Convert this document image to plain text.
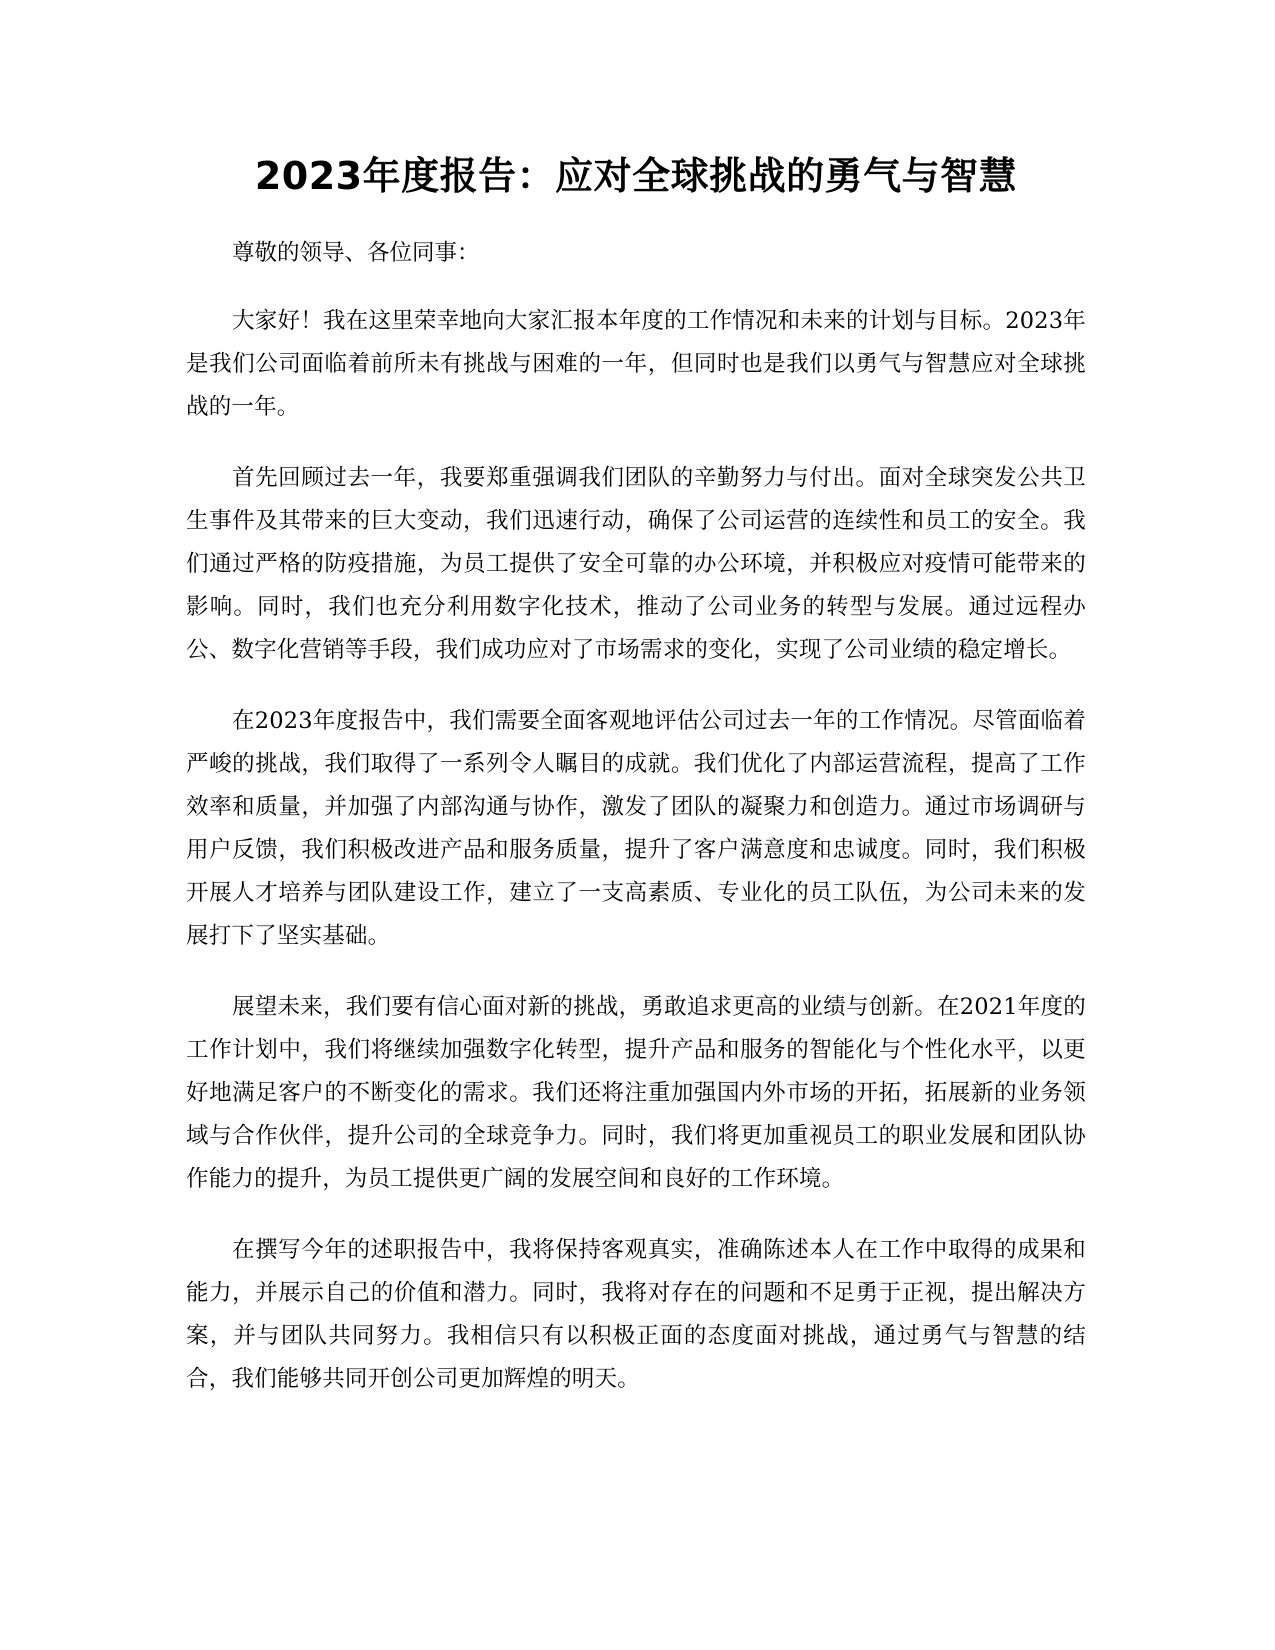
2023年度报告：应对全球挑战的勇气与智慧

尊敬的领导、各位同事：

大家好！我在这里荣幸地向大家汇报本年度的工作情况和未来的计划与目标。2023年是我们公司面临着前所未有挑战与困难的一年，但同时也是我们以勇气与智慧应对全球挑战的一年。

首先回顾过去一年，我要郑重强调我们团队的辛勤努力与付出。面对全球突发公共卫生事件及其带来的巨大变动，我们迅速行动，确保了公司运营的连续性和员工的安全。我们通过严格的防疫措施，为员工提供了安全可靠的办公环境，并积极应对疫情可能带来的影响。同时，我们也充分利用数字化技术，推动了公司业务的转型与发展。通过远程办公、数字化营销等手段，我们成功应对了市场需求的变化，实现了公司业绩的稳定增长。

在2023年度报告中，我们需要全面客观地评估公司过去一年的工作情况。尽管面临着严峻的挑战，我们取得了一系列令人瞩目的成就。我们优化了内部运营流程，提高了工作效率和质量，并加强了内部沟通与协作，激发了团队的凝聚力和创造力。通过市场调研与用户反馈，我们积极改进产品和服务质量，提升了客户满意度和忠诚度。同时，我们积极开展人才培养与团队建设工作，建立了一支高素质、专业化的员工队伍，为公司未来的发展打下了坚实基础。

展望未来，我们要有信心面对新的挑战，勇敢追求更高的业绩与创新。在2021年度的工作计划中，我们将继续加强数字化转型，提升产品和服务的智能化与个性化水平，以更好地满足客户的不断变化的需求。我们还将注重加强国内外市场的开拓，拓展新的业务领域与合作伙伴，提升公司的全球竞争力。同时，我们将更加重视员工的职业发展和团队协作能力的提升，为员工提供更广阔的发展空间和良好的工作环境。

在撰写今年的述职报告中，我将保持客观真实，准确陈述本人在工作中取得的成果和能力，并展示自己的价值和潜力。同时，我将对存在的问题和不足勇于正视，提出解决方案，并与团队共同努力。我相信只有以积极正面的态度面对挑战，通过勇气与智慧的结合，我们能够共同开创公司更加辉煌的明天。
